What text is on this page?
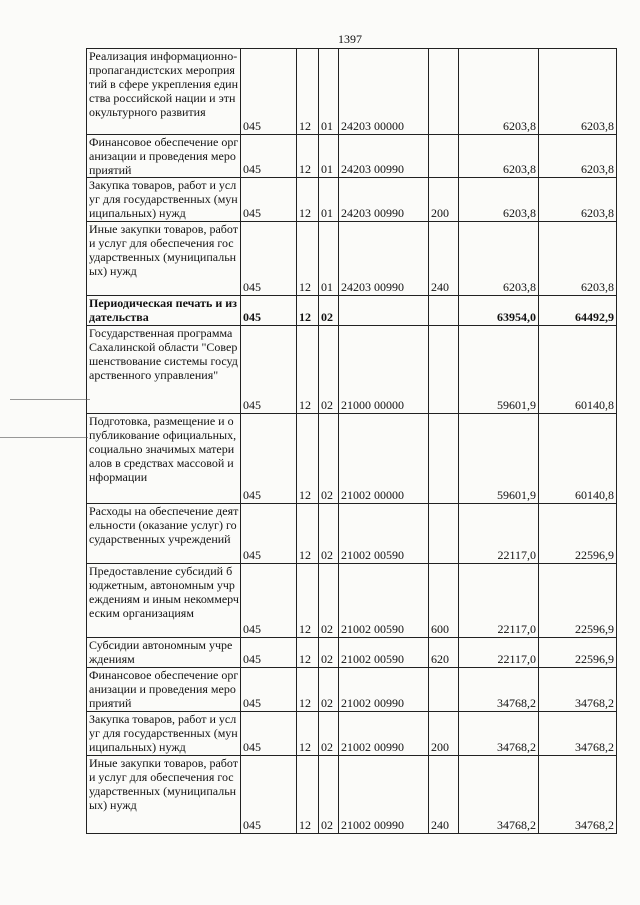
1397
Реализация информационно-пропагандистских мероприятий в сфере укрепления единства российской нации и этнокультурного развития	045	12	01	24203 00000		6203,8	6203,8
Финансовое обеспечение организации и проведения мероприятий	045	12	01	24203 00990		6203,8	6203,8
Закупка товаров, работ и услуг для государственных (муниципальных) нужд	045	12	01	24203 00990	200	6203,8	6203,8
Иные закупки товаров, работ и услуг для обеспечения государственных (муниципальных) нужд	045	12	01	24203 00990	240	6203,8	6203,8
Периодическая печать и издательства	045	12	02			63954,0	64492,9
Государственная программа Сахалинской области "Совершенствование системы государственного управления"	045	12	02	21000 00000		59601,9	60140,8
Подготовка, размещение и опубликование официальных, социально значимых материалов в средствах массовой информации	045	12	02	21002 00000		59601,9	60140,8
Расходы на обеспечение деятельности (оказание услуг) государственных учреждений	045	12	02	21002 00590		22117,0	22596,9
Предоставление субсидий бюджетным, автономным учреждениям и иным некоммерческим организациям	045	12	02	21002 00590	600	22117,0	22596,9
Субсидии автономным учреждениям	045	12	02	21002 00590	620	22117,0	22596,9
Финансовое обеспечение организации и проведения мероприятий	045	12	02	21002 00990		34768,2	34768,2
Закупка товаров, работ и услуг для государственных (муниципальных) нужд	045	12	02	21002 00990	200	34768,2	34768,2
Иные закупки товаров, работ и услуг для обеспечения государственных (муниципальных) нужд	045	12	02	21002 00990	240	34768,2	34768,2
